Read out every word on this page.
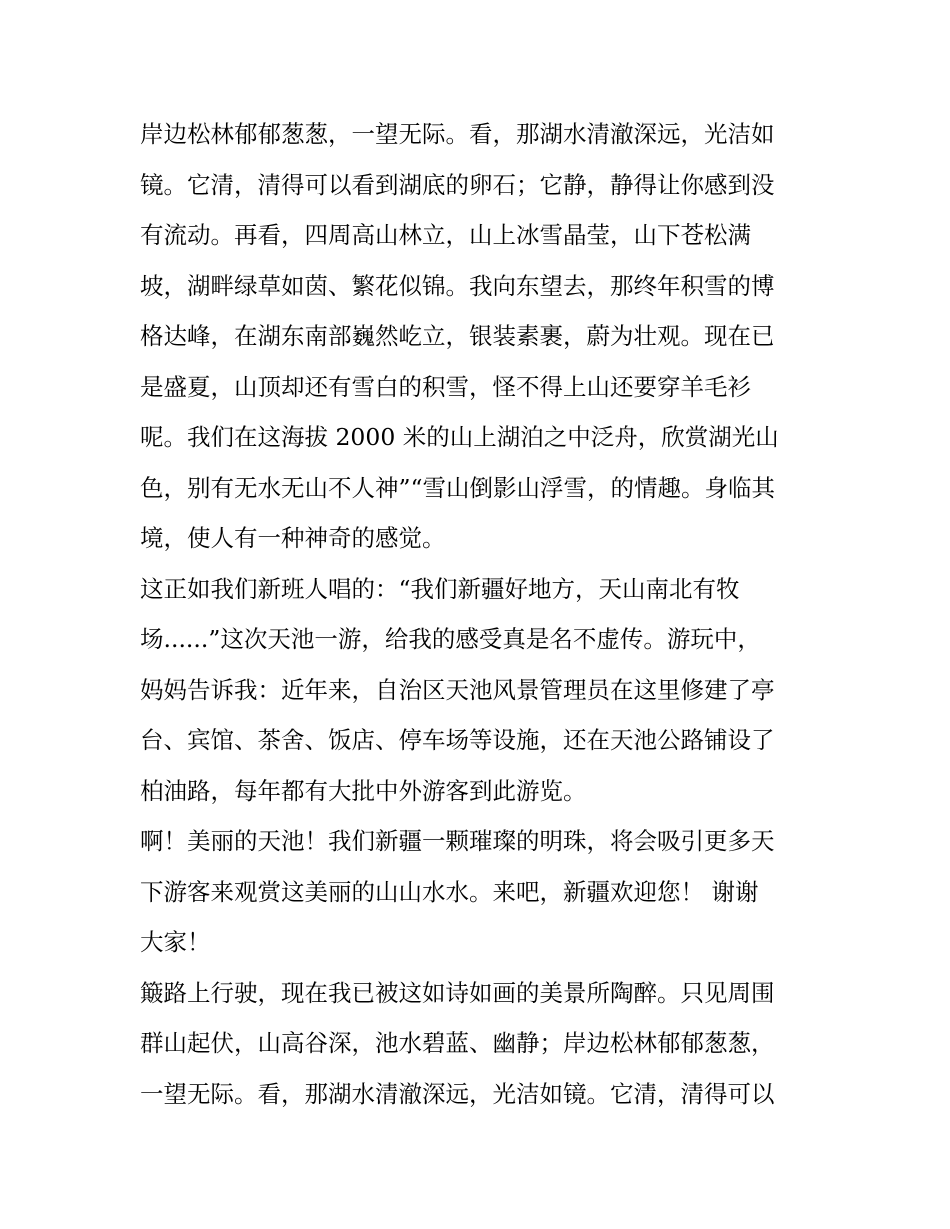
岸边松林郁郁葱葱，一望无际。看，那湖水清澈深远，光洁如
镜。它清，清得可以看到湖底的卵石；它静，静得让你感到没
有流动。再看，四周高山林立，山上冰雪晶莹，山下苍松满
坡，湖畔绿草如茵、繁花似锦。我向东望去，那终年积雪的博
格达峰，在湖东南部巍然屹立，银装素裹，蔚为壮观。现在已
是盛夏，山顶却还有雪白的积雪，怪不得上山还要穿羊毛衫
呢。我们在这海拔 2000 米的山上湖泊之中泛舟，欣赏湖光山
色，别有无水无山不人神”“雪山倒影山浮雪，的情趣。身临其
境，使人有一种神奇的感觉。
这正如我们新班人唱的：“我们新疆好地方，天山南北有牧
场......”这次天池一游，给我的感受真是名不虚传。游玩中，
妈妈告诉我：近年来，自治区天池风景管理员在这里修建了亭
台、宾馆、茶舍、饭店、停车场等设施，还在天池公路铺设了
柏油路，每年都有大批中外游客到此游览。
啊！美丽的天池！我们新疆一颗璀璨的明珠，将会吸引更多天
下游客来观赏这美丽的山山水水。来吧，新疆欢迎您！ 谢谢
大家！
簸路上行驶，现在我已被这如诗如画的美景所陶醉。只见周围
群山起伏，山高谷深，池水碧蓝、幽静；岸边松林郁郁葱葱，
一望无际。看，那湖水清澈深远，光洁如镜。它清，清得可以
